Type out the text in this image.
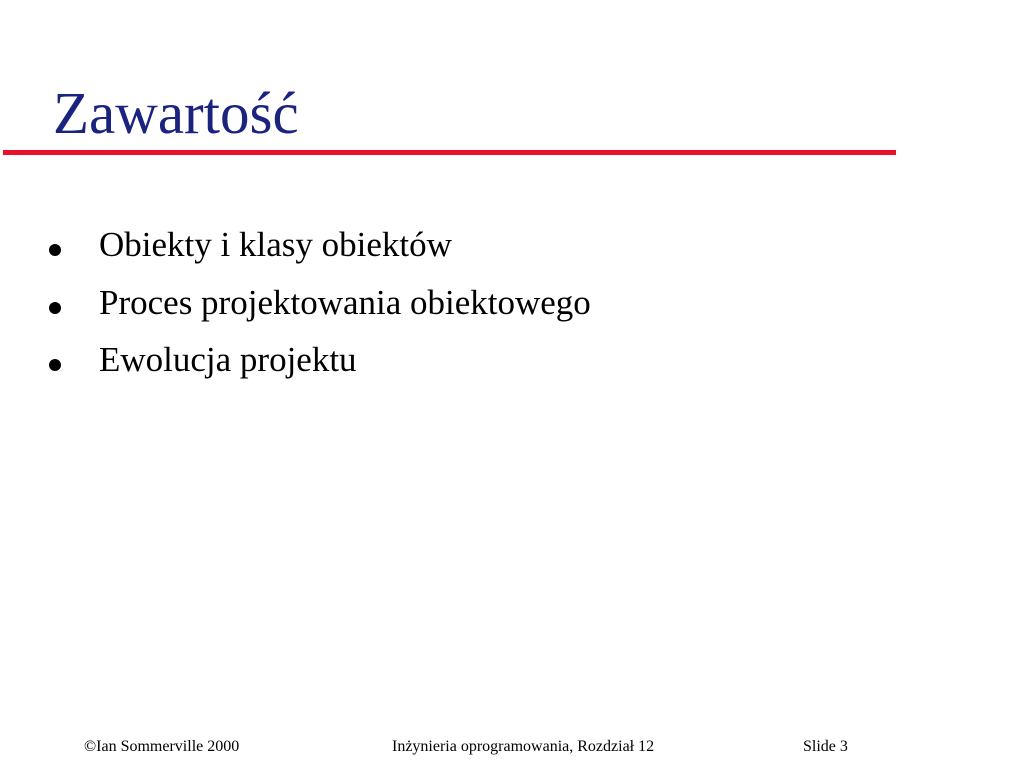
Zawartość
Obiekty i klasy obiektów
Proces projektowania obiektowego
Ewolucja projektu
©Ian Sommerville 2000	Inżynieria oprogramowania, Rozdział 12	Slide 3
